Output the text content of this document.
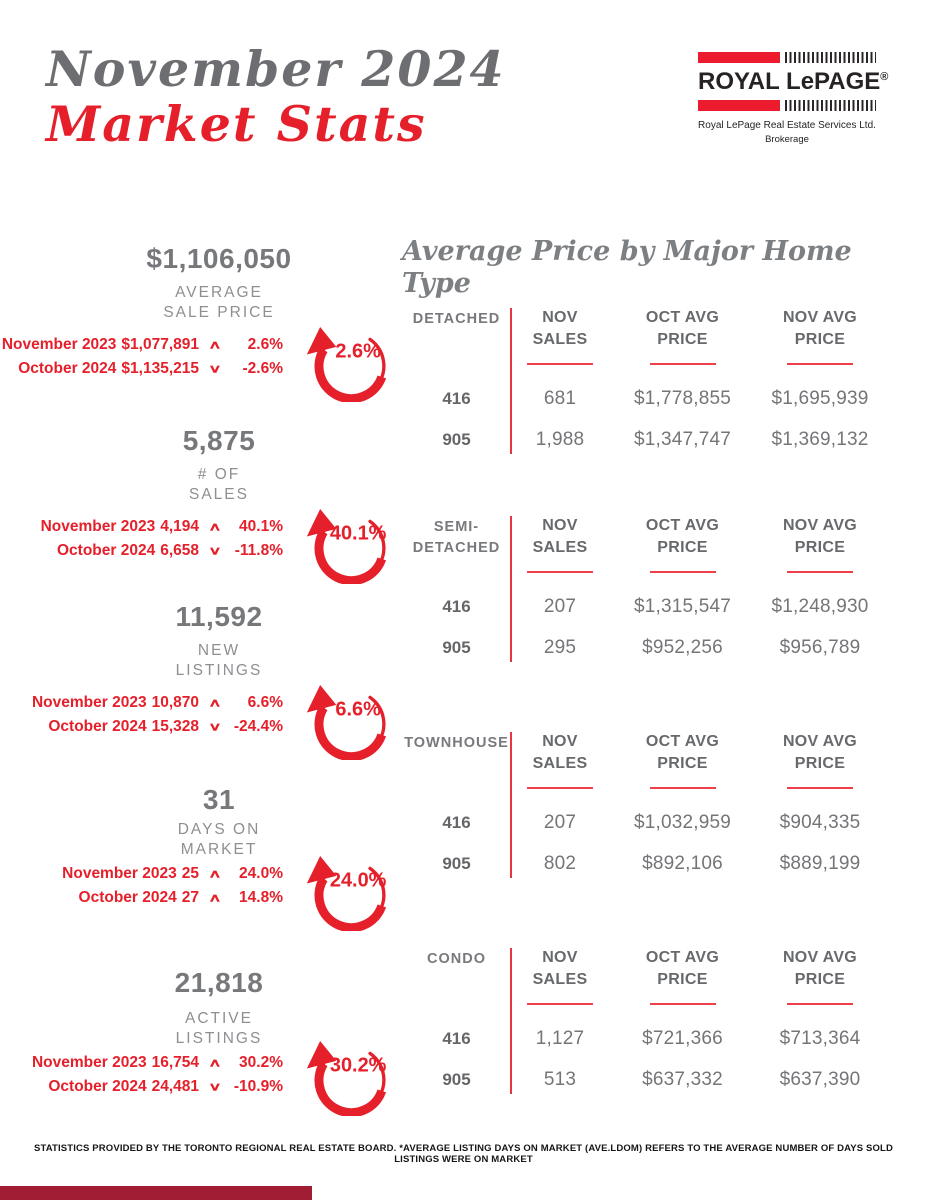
November 2024
Market Stats
ROYAL LePAGE®
Royal LePage Real Estate Services Ltd.
Brokerage
$1,106,050
AVERAGE
SALE PRICE
November 2023 $1,077,891 ∧	2.6%
October 2024 $1,135,215 ∨	-2.6%
2.6%
5,875
# OF
SALES
November 2023 4,194 ∧	40.1%
October 2024 6,658 ∨ -11.8%
40.1%
11,592
NEW
LISTINGS
November 2023 10,870 ∧	6.6%
October 2024 15,328 ∨ -24.4%
6.6%
31
DAYS ON
MARKET
November 2023 25 ∧	24.0%
October 2024 27 ∧	14.8%
24.0%
21,818
ACTIVE
LISTINGS
November 2023 16,754 ∧	30.2%
October 2024 24,481 ∨ -10.9%
30.2%
Average Price by Major Home Type
DETACHED	NOV
SALES
OCT AVG
PRICE
NOV AVG
PRICE
416	681	$1,778,855	$1,695,939
905	1,988	$1,347,747	$1,369,132
SEMI-DETACHED
NOV
SALES
OCT AVG
PRICE
NOV AVG
PRICE
416	207	$1,315,547	$1,248,930
905	295	$952,256	$956,789
TOWNHOUSE	NOV
SALES
OCT AVG
PRICE
NOV AVG
PRICE
416	207	$1,032,959	$904,335
905	802	$892,106	$889,199
CONDO	NOV
SALES
OCT AVG
PRICE
NOV AVG
PRICE
416	1,127	$721,366	$713,364
905	513	$637,332	$637,390
STATISTICS PROVIDED BY THE TORONTO REGIONAL REAL ESTATE BOARD. *AVERAGE LISTING DAYS ON MARKET (AVE.LDOM) REFERS TO THE AVERAGE NUMBER OF DAYS SOLD LISTINGS WERE ON MARKET
